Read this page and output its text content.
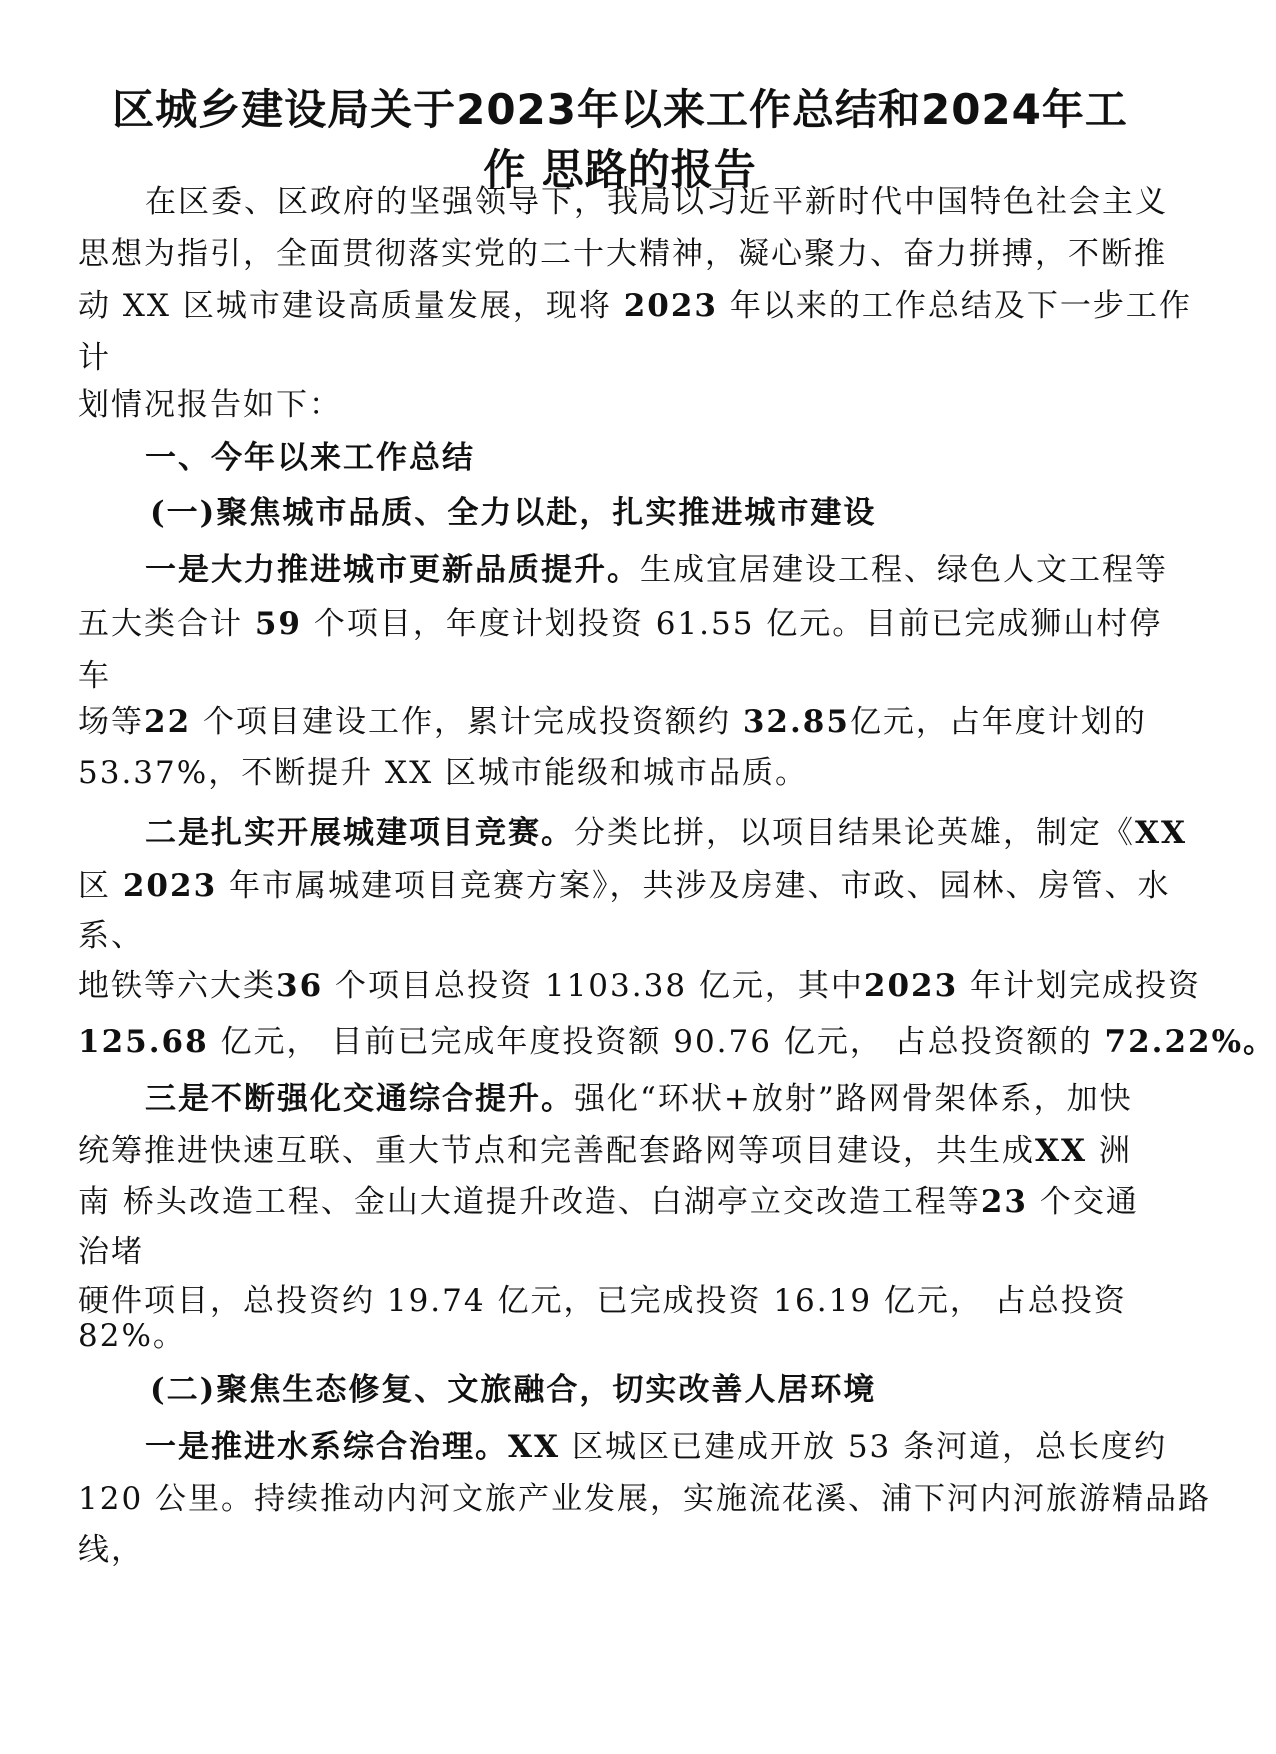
区城乡建设局关于2023年以来工作总结和2024年工
作 思路的报告
在区委、区政府的坚强领导下，我局以习近平新时代中国特色社会主义
思想为指引，全面贯彻落实党的二十大精神，凝心聚力、奋力拼搏，不断推
动 XX 区城市建设高质量发展，现将 2023 年以来的工作总结及下一步工作
计
划情况报告如下：
一、今年以来工作总结
(一)聚焦城市品质、全力以赴，扎实推进城市建设
一是大力推进城市更新品质提升。生成宜居建设工程、绿色人文工程等
五大类合计 59 个项目，年度计划投资 61.55 亿元。目前已完成狮山村停
车
场等22 个项目建设工作，累计完成投资额约 32.85亿元，占年度计划的
53.37%，不断提升 XX 区城市能级和城市品质。
二是扎实开展城建项目竞赛。分类比拼，以项目结果论英雄，制定《XX
区 2023 年市属城建项目竞赛方案》，共涉及房建、市政、园林、房管、水
系、
地铁等六大类36 个项目总投资 1103.38 亿元，其中2023 年计划完成投资
125.68 亿元， 目前已完成年度投资额 90.76 亿元， 占总投资额的 72.22%。
三是不断强化交通综合提升。强化“环状+放射”路网骨架体系，加快
统筹推进快速互联、重大节点和完善配套路网等项目建设，共生成XX 洲
南 桥头改造工程、金山大道提升改造、白湖亭立交改造工程等23 个交通
治堵
硬件项目，总投资约 19.74 亿元，已完成投资 16.19 亿元， 占总投资
82%。
(二)聚焦生态修复、文旅融合，切实改善人居环境
一是推进水系综合治理。XX 区城区已建成开放 53 条河道，总长度约
120 公里。持续推动内河文旅产业发展，实施流花溪、浦下河内河旅游精品路
线，
